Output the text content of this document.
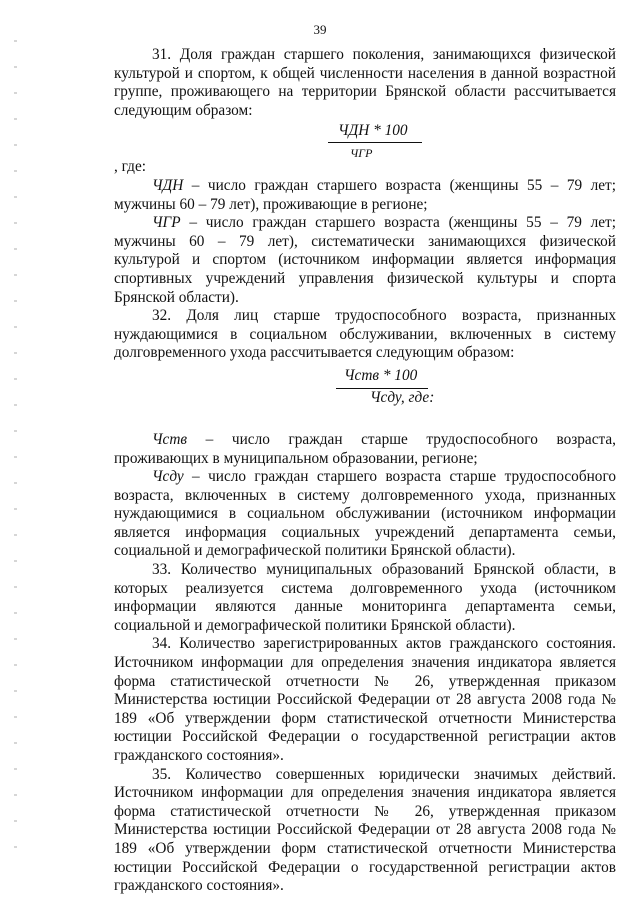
39

31. Доля граждан старшего поколения, занимающихся физической культурой и спортом, к общей численности населения в данной возрастной группе, проживающего на территории Брянской области рассчитывается следующим образом:

ЧДН * 100
ЧГР

, где:

ЧДН – число граждан старшего возраста (женщины 55 – 79 лет; мужчины 60 – 79 лет), проживающие в регионе;

ЧГР – число граждан старшего возраста (женщины 55 – 79 лет; мужчины 60 – 79 лет), систематически занимающихся физической культурой и спортом (источником информации является информация спортивных учреждений управления физической культуры и спорта Брянской области).

32. Доля лиц старше трудоспособного возраста, признанных нуждающимися в социальном обслуживании, включенных в систему долговременного ухода рассчитывается следующим образом:

Чств * 100
Чсду, где:

Чств – число граждан старше трудоспособного возраста, проживающих в муниципальном образовании, регионе;

Чсду – число граждан старшего возраста старше трудоспособного возраста, включенных в систему долговременного ухода, признанных нуждающимися в социальном обслуживании (источником информации является информация социальных учреждений департамента семьи, социальной и демографической политики Брянской области).

33. Количество муниципальных образований Брянской области, в которых реализуется система долговременного ухода (источником информации являются данные мониторинга департамента семьи, социальной и демографической политики Брянской области).

34. Количество зарегистрированных актов гражданского состояния. Источником информации для определения значения индикатора является форма статистической отчетности № 26, утвержденная приказом Министерства юстиции Российской Федерации от 28 августа 2008 года № 189 «Об утверждении форм статистической отчетности Министерства юстиции Российской Федерации о государственной регистрации актов гражданского состояния».

35. Количество совершенных юридически значимых действий. Источником информации для определения значения индикатора является форма статистической отчетности № 26, утвержденная приказом Министерства юстиции Российской Федерации от 28 августа 2008 года № 189 «Об утверждении форм статистической отчетности Министерства юстиции Российской Федерации о государственной регистрации актов гражданского состояния».
